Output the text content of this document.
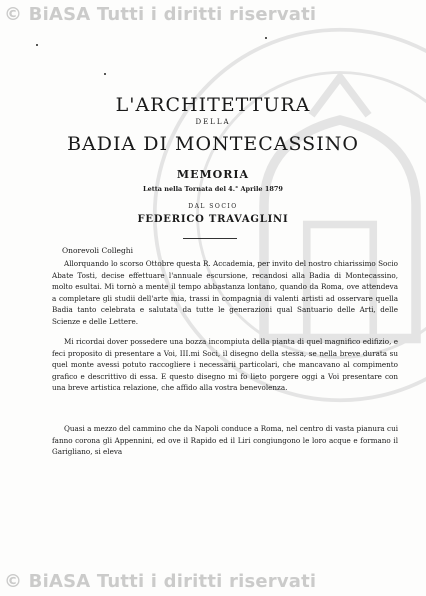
© BiASA Tutti i diritti riservati
© BiASA Tutti i diritti riservati
L'ARCHITETTURA
DELLA
BADIA DI MONTECASSINO
MEMORIA
Letta nella Tornata del 4.° Aprile 1879
DAL SOCIO
FEDERICO TRAVAGLINI
Onorevoli Colleghi

Allorquando lo scorso Ottobre questa R. Accademia, per invito del nostro chiarissimo Socio Abate Tosti, decise effettuare l'annuale escursione, recandosi alla Badia di Montecassino, molto esultai. Mi tornò a mente il tempo abbastanza lontano, quando da Roma, ove attendeva a completare gli studii dell'arte mia, trassi in compagnia di valenti artisti ad osservare quella Badia tanto celebrata e salutata da tutte le generazioni qual Santuario delle Arti, delle Scienze e delle Lettere.

Mi ricordai dover possedere una bozza incompiuta della pianta di quel magnifico edifizio, e feci proposito di presentare a Voi, III.mi Soci, il disegno della stessa, se nella breve durata su quel monte avessi potuto raccogliere i necessarii particolari, che mancavano al compimento grafico e descrittivo di essa. E questo disegno mi fo lieto porgere oggi a Voi presentare con una breve artistica relazione, che affido alla vostra benevolenza.

Quasi a mezzo del cammino che da Napoli conduce a Roma, nel centro di vasta pianura cui fanno corona gli Appennini, ed ove il Rapido ed il Liri congiungono le loro acque e formano il Garigliano, si eleva
